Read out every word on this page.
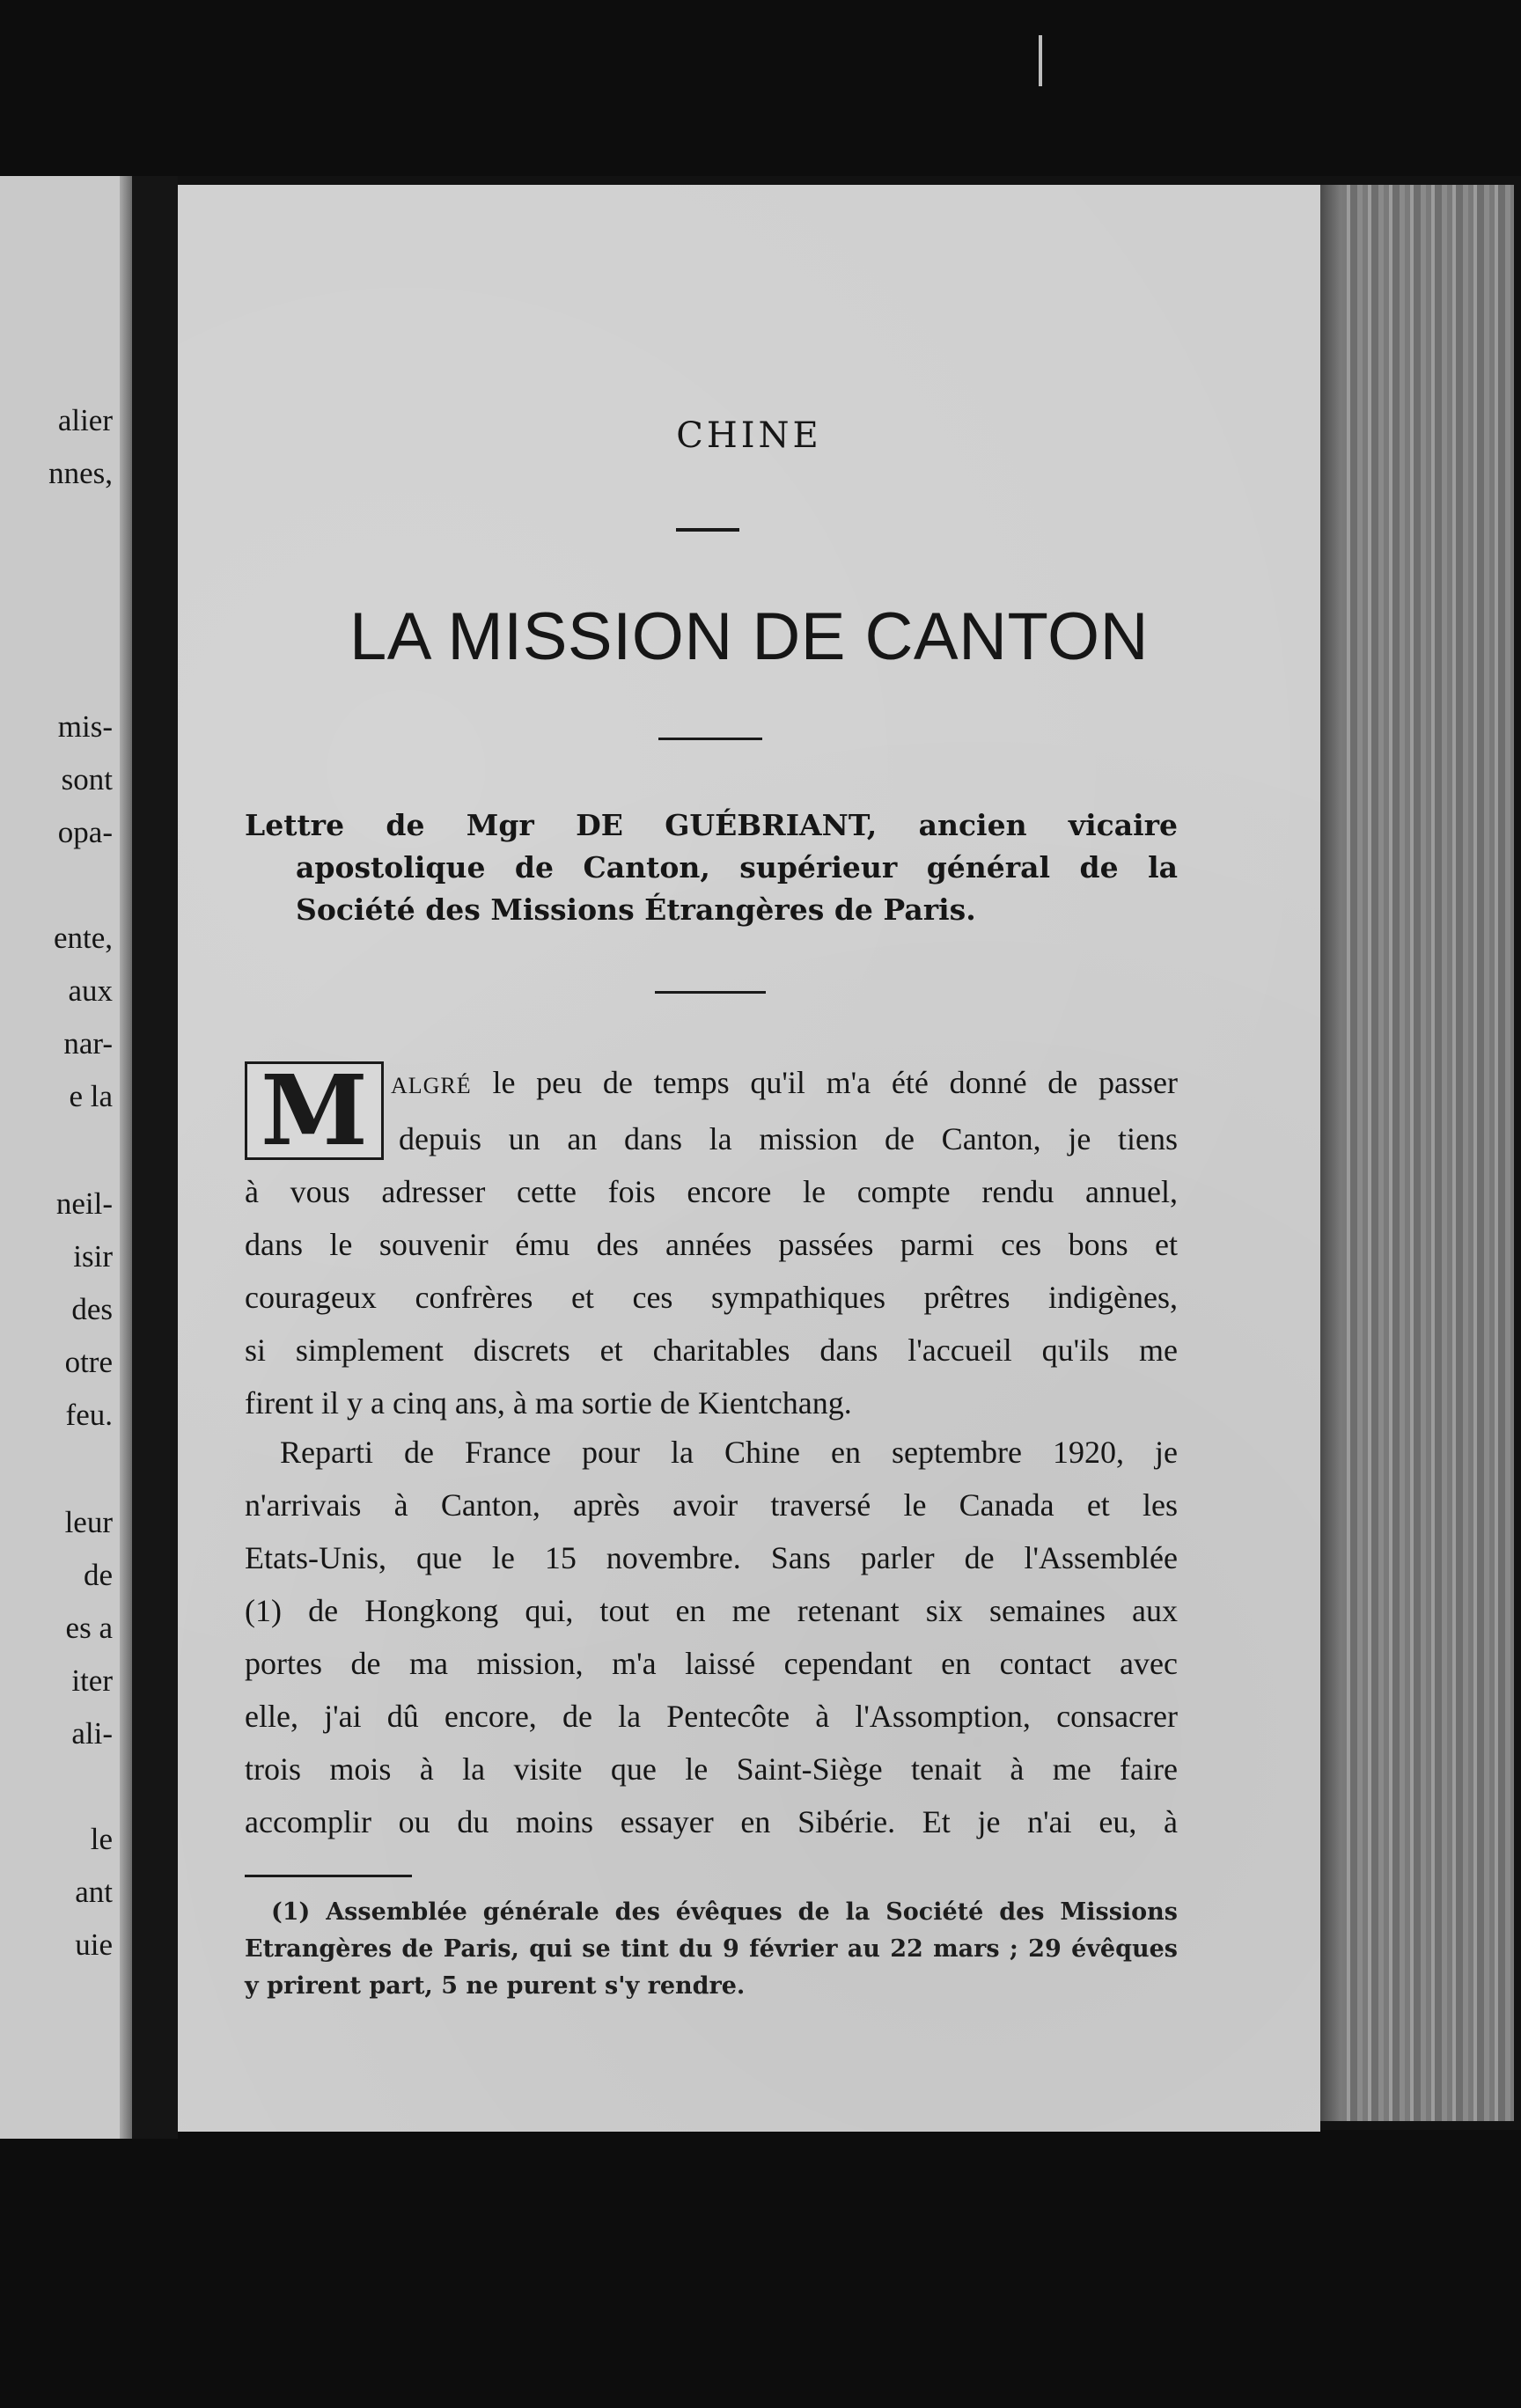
alier
nnes,
mis-
sont
opa-
ente,
aux
nar-
e la
neil-
isir
des
otre
feu.
leur
de
es a
iter
ali-
le
ant
uie
CHINE
LA MISSION DE CANTON
Lettre de Mgr DE GUÉBRIANT, ancien vicaire
apostolique de Canton, supérieur général de la
Société des Missions Étrangères de Paris.
M	ALGRÉ le peu de temps qu'il m'a été donné de passer
depuis un an dans la mission de Canton, je tiens
à vous adresser cette fois encore le compte rendu annuel,
dans le souvenir ému des années passées parmi ces bons et
courageux confrères et ces sympathiques prêtres indigènes,
si simplement discrets et charitables dans l'accueil qu'ils me
firent il y a cinq ans, à ma sortie de Kientchang.
Reparti de France pour la Chine en septembre 1920, je
n'arrivais à Canton, après avoir traversé le Canada et les
Etats-Unis, que le 15 novembre. Sans parler de l'Assemblée
(1) de Hongkong qui, tout en me retenant six semaines aux
portes de ma mission, m'a laissé cependant en contact avec
elle, j'ai dû encore, de la Pentecôte à l'Assomption, consacrer
trois mois à la visite que le Saint-Siège tenait à me faire
accomplir ou du moins essayer en Sibérie. Et je n'ai eu, à
(1) Assemblée générale des évêques de la Société des Missions
Etrangères de Paris, qui se tint du 9 février au 22 mars ; 29 évêques
y prirent part, 5 ne purent s'y rendre.
